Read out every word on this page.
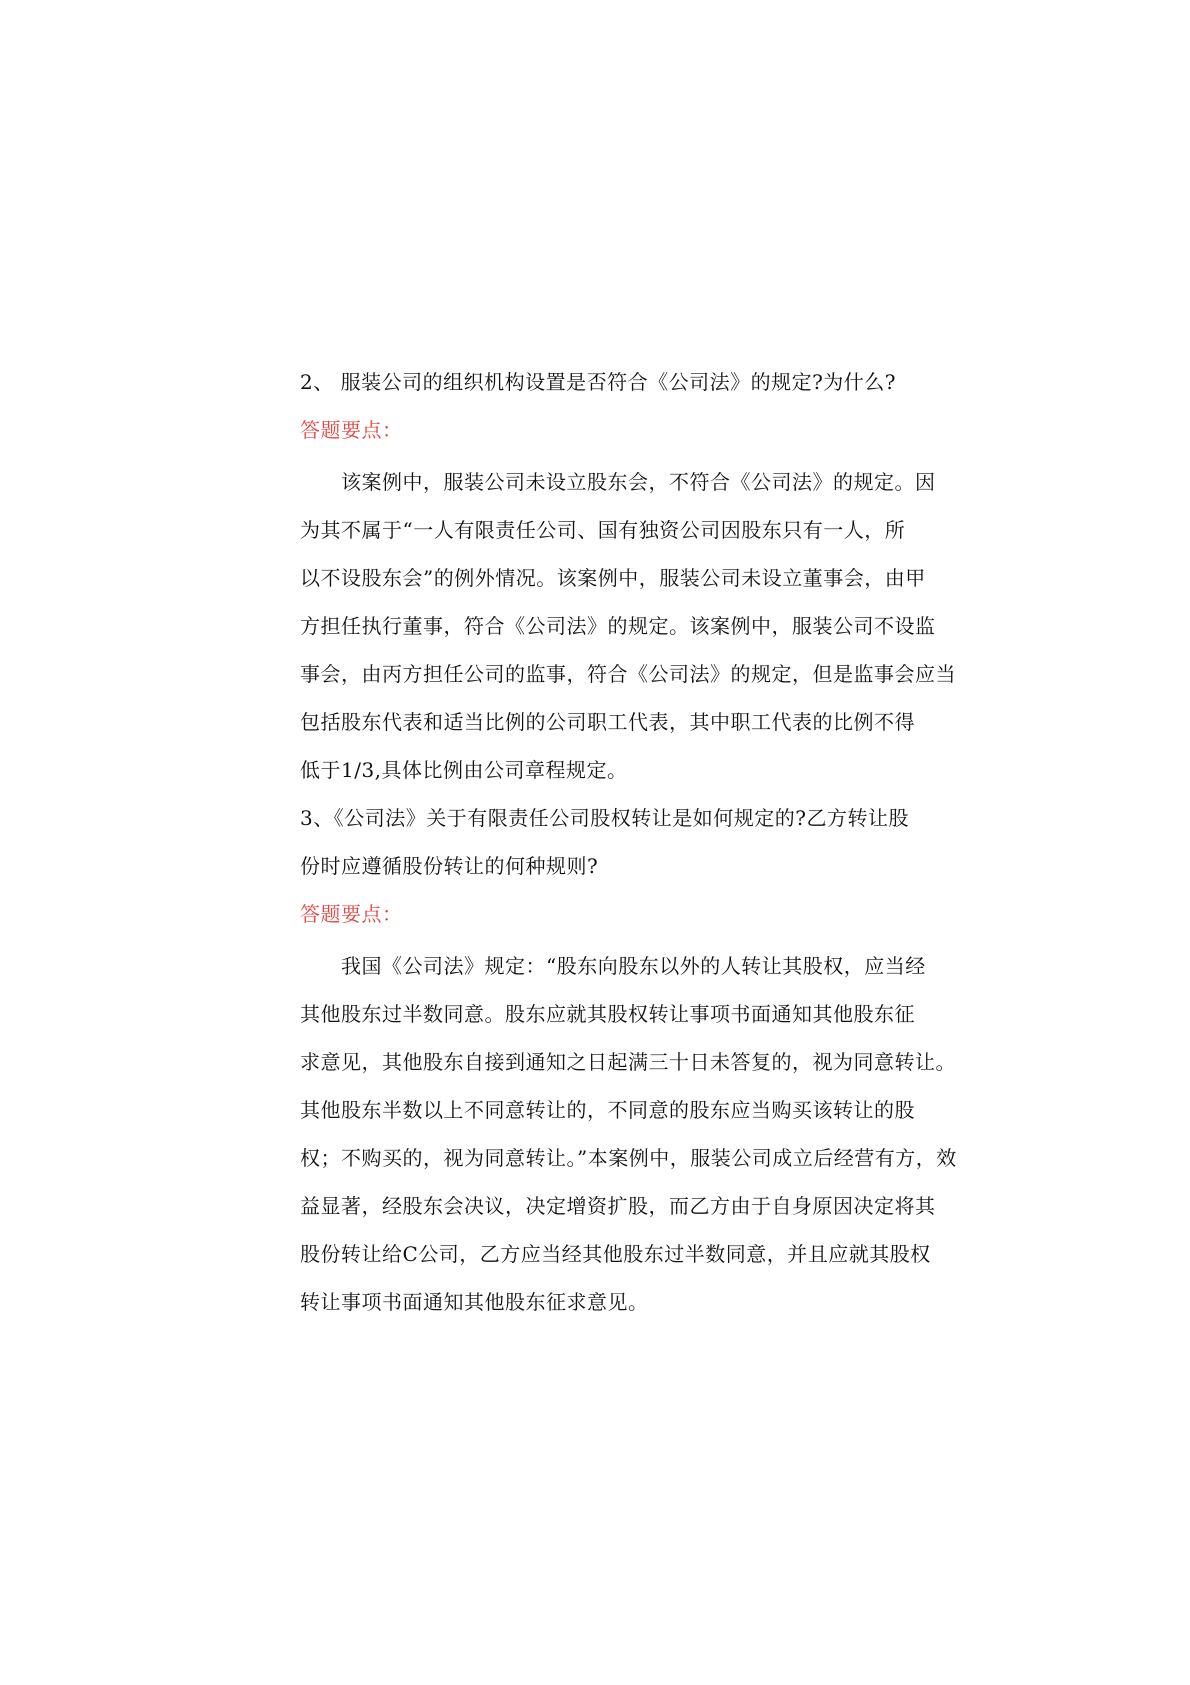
2、 服装公司的组织机构设置是否符合《公司法》的规定?为什么?
答题要点：
　　该案例中，服装公司未设立股东会，不符合《公司法》的规定。因
为其不属于“一人有限责任公司、国有独资公司因股东只有一人，所
以不设股东会”的例外情况。该案例中，服装公司未设立董事会，由甲
方担任执行董事，符合《公司法》的规定。该案例中，服装公司不设监
事会，由丙方担任公司的监事，符合《公司法》的规定，但是监事会应当
包括股东代表和适当比例的公司职工代表，其中职工代表的比例不得
低于1/3,具体比例由公司章程规定。
3、《公司法》关于有限责任公司股权转让是如何规定的?乙方转让股
份时应遵循股份转让的何种规则?
答题要点：
　　我国《公司法》规定：“股东向股东以外的人转让其股权，应当经
其他股东过半数同意。股东应就其股权转让事项书面通知其他股东征
求意见，其他股东自接到通知之日起满三十日未答复的，视为同意转让。
其他股东半数以上不同意转让的，不同意的股东应当购买该转让的股
权；不购买的，视为同意转让。”本案例中，服装公司成立后经营有方，效
益显著，经股东会决议，决定增资扩股，而乙方由于自身原因决定将其
股份转让给C公司，乙方应当经其他股东过半数同意，并且应就其股权
转让事项书面通知其他股东征求意见。
